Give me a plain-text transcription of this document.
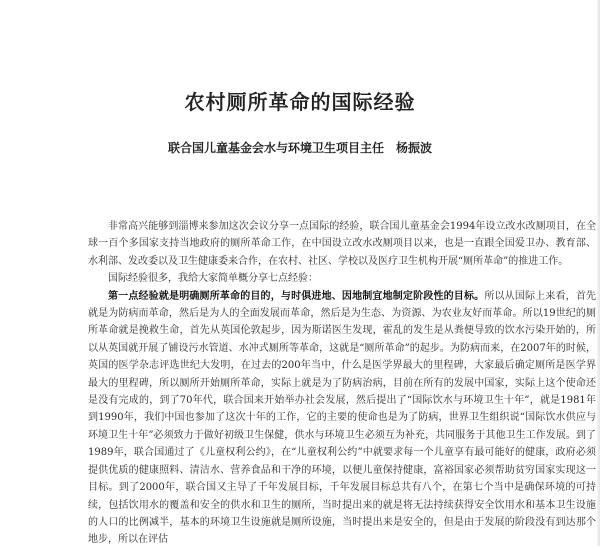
农村厕所革命的国际经验
联合国儿童基金会水与环境卫生项目主任　杨振波

非常高兴能够到淄博来参加这次会议分享一点国际的经验，联合国儿童基金会1994年设立改水改厕项目，在全球一百个多国家支持当地政府的厕所革命工作，在中国设立改水改厕项目以来，也是一直跟全国爱卫办、教育部、水利部、发改委以及卫生健康委来合作，在农村、社区、学校以及医疗卫生机构开展“厕所革命”的推进工作。

国际经验很多，我给大家简单概分享七点经验：

第一点经验就是明确厕所革命的目的，与时俱进地、因地制宜地制定阶段性的目标。所以从国际上来看，首先就是为防病而革命，然后是为人的全面发展而革命，然后是为生态、为资源、为农业友好而革命。所以19世纪的厕所革命就是挽救生命，首先从英国伦敦起步，因为斯诺医生发现，霍乱的发生是从粪便导致的饮水污染开始的，所以从英国就开展了铺设污水管道、水冲式厕所等革命，这就是“厕所革命”的起步。为防病而来，在2007年的时候，英国的医学杂志评选世纪大发明，在过去的200年当中，什么是医学界最大的里程碑，大家最后确定厕所是医学界最大的里程碑，所以厕所开始厕所革命，实际上就是为了防病治病，目前在所有的发展中国家，实际上这个使命还是没有完成的，到了70年代，联合国来开始举办社会发展，然后提出了“国际饮水与环境卫生十年”，就是1981年到1990年，我们中国也参加了这次十年的工作，它的主要的使命也是为了防病，世界卫生组织说“国际饮水供应与环境卫生十年”必须致力于做好初级卫生保健，供水与环境卫生必须互为补充，共同服务于其他卫生工作发展。到了1989年，联合国通过了《儿童权利公约》，在“儿童权利公约”中就要求每一个儿童享有最可能好的健康，政府必须提供优质的健康照料、清洁水、营养食品和干净的环境，以便儿童保持健康，富裕国家必须帮助贫穷国家实现这一目标。到了2000年，联合国又主导了千年发展目标，千年发展目标总共有八个，在第七个当中是确保环境的可持续，包括饮用水的覆盖和安全的供水和卫生的厕所，当时提出来的就是将无法持续获得安全饮用水和基本卫生设施的人口的比例减半，基本的环境卫生设施就是厕所设施，当时提出来是安全的，但是由于发展的阶段没有到达那个地步，所以在评估
